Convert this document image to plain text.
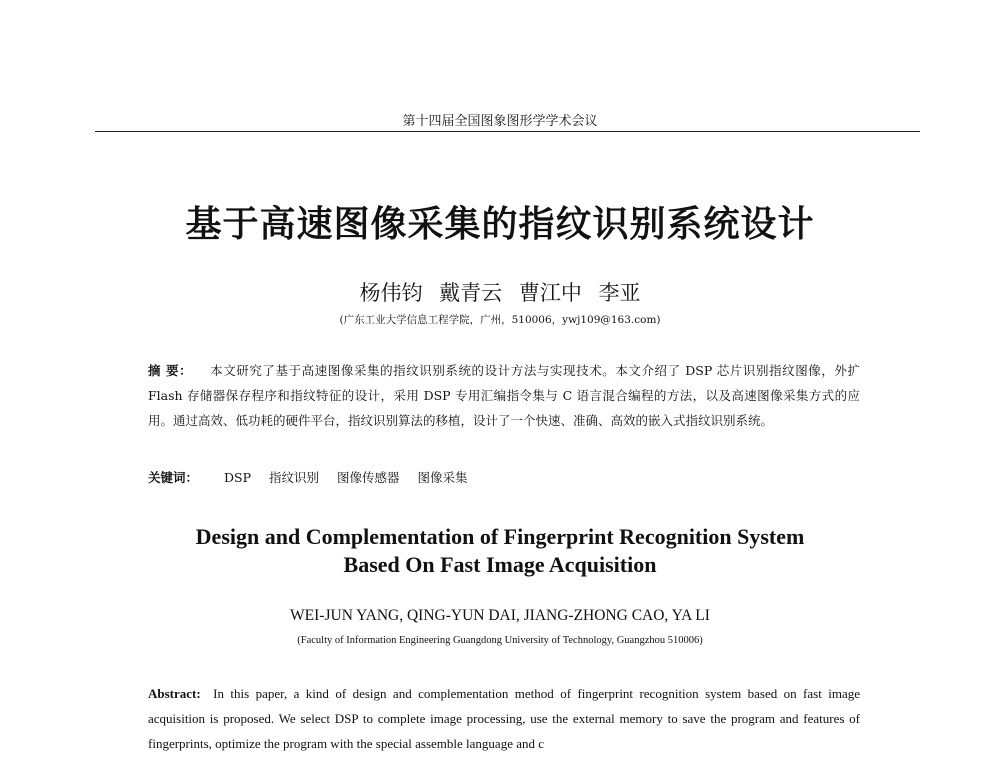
第十四届全国图象图形学学术会议
基于高速图像采集的指纹识别系统设计
杨伟钧 戴青云 曹江中 李亚
(广东工业大学信息工程学院，广州，510006，ywj109@163.com)
摘 要： 本文研究了基于高速图像采集的指纹识别系统的设计方法与实现技术。本文介绍了 DSP 芯片识别指纹图像，外扩 Flash 存储器保存程序和指纹特征的设计，采用 DSP 专用汇编指令集与 C 语言混合编程的方法，以及高速图像采集方式的应用。通过高效、低功耗的硬件平台，指纹识别算法的移植，设计了一个快速、准确、高效的嵌入式指纹识别系统。
关键词： DSP 指纹识别 图像传感器 图像采集
Design and Complementation of Fingerprint Recognition System
Based On Fast Image Acquisition
WEI-JUN YANG, QING-YUN DAI, JIANG-ZHONG CAO, YA LI
(Faculty of Information Engineering Guangdong University of Technology, Guangzhou 510006)
Abstract: In this paper, a kind of design and complementation method of fingerprint recognition system based on fast image acquisition is proposed. We select DSP to complete image processing, use the external memory to save the program and features of fingerprints, optimize the program with the special assemble language and c
